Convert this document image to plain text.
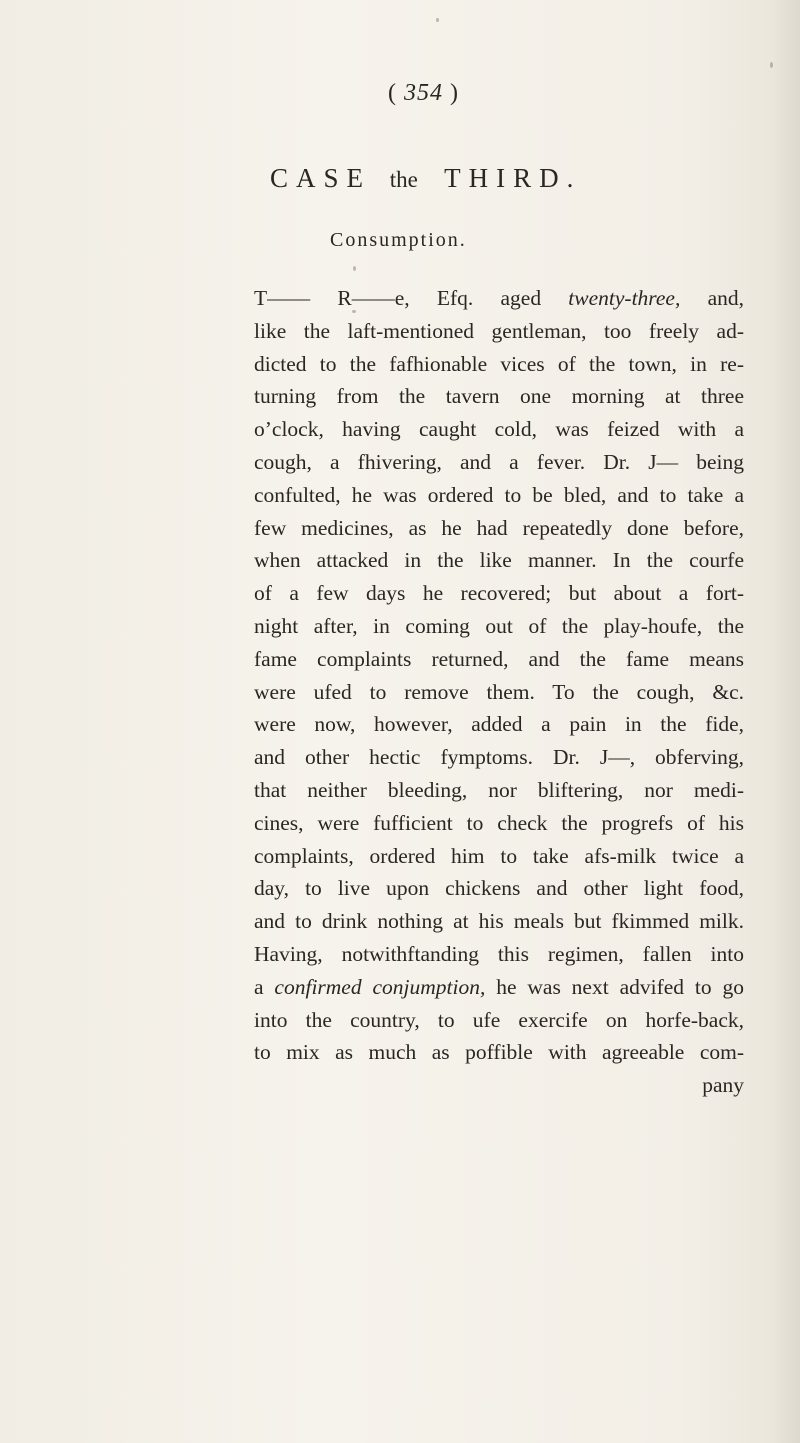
( 354 )
CASE the THIRD.
Consumption.
T—— R——e, Efq. aged twenty-three, and,
like the laft-mentioned gentleman, too freely ad-
dicted to the fafhionable vices of the town, in re-
turning from the tavern one morning at three
o’clock, having caught cold, was feized with a
cough, a fhivering, and a fever. Dr. J— being
confulted, he was ordered to be bled, and to take a
few medicines, as he had repeatedly done before,
when attacked in the like manner. In the courfe
of a few days he recovered; but about a fort-
night after, in coming out of the play-houfe, the
fame complaints returned, and the fame means
were ufed to remove them. To the cough, &c.
were now, however, added a pain in the fide,
and other hectic fymptoms. Dr. J—, obferving,
that neither bleeding, nor bliftering, nor medi-
cines, were fufficient to check the progrefs of his
complaints, ordered him to take afs-milk twice a
day, to live upon chickens and other light food,
and to drink nothing at his meals but fkimmed milk.
Having, notwithftanding this regimen, fallen into
a confirmed conjumption, he was next advifed to go
into the country, to ufe exercife on horfe-back,
to mix as much as poffible with agreeable com-
pany
